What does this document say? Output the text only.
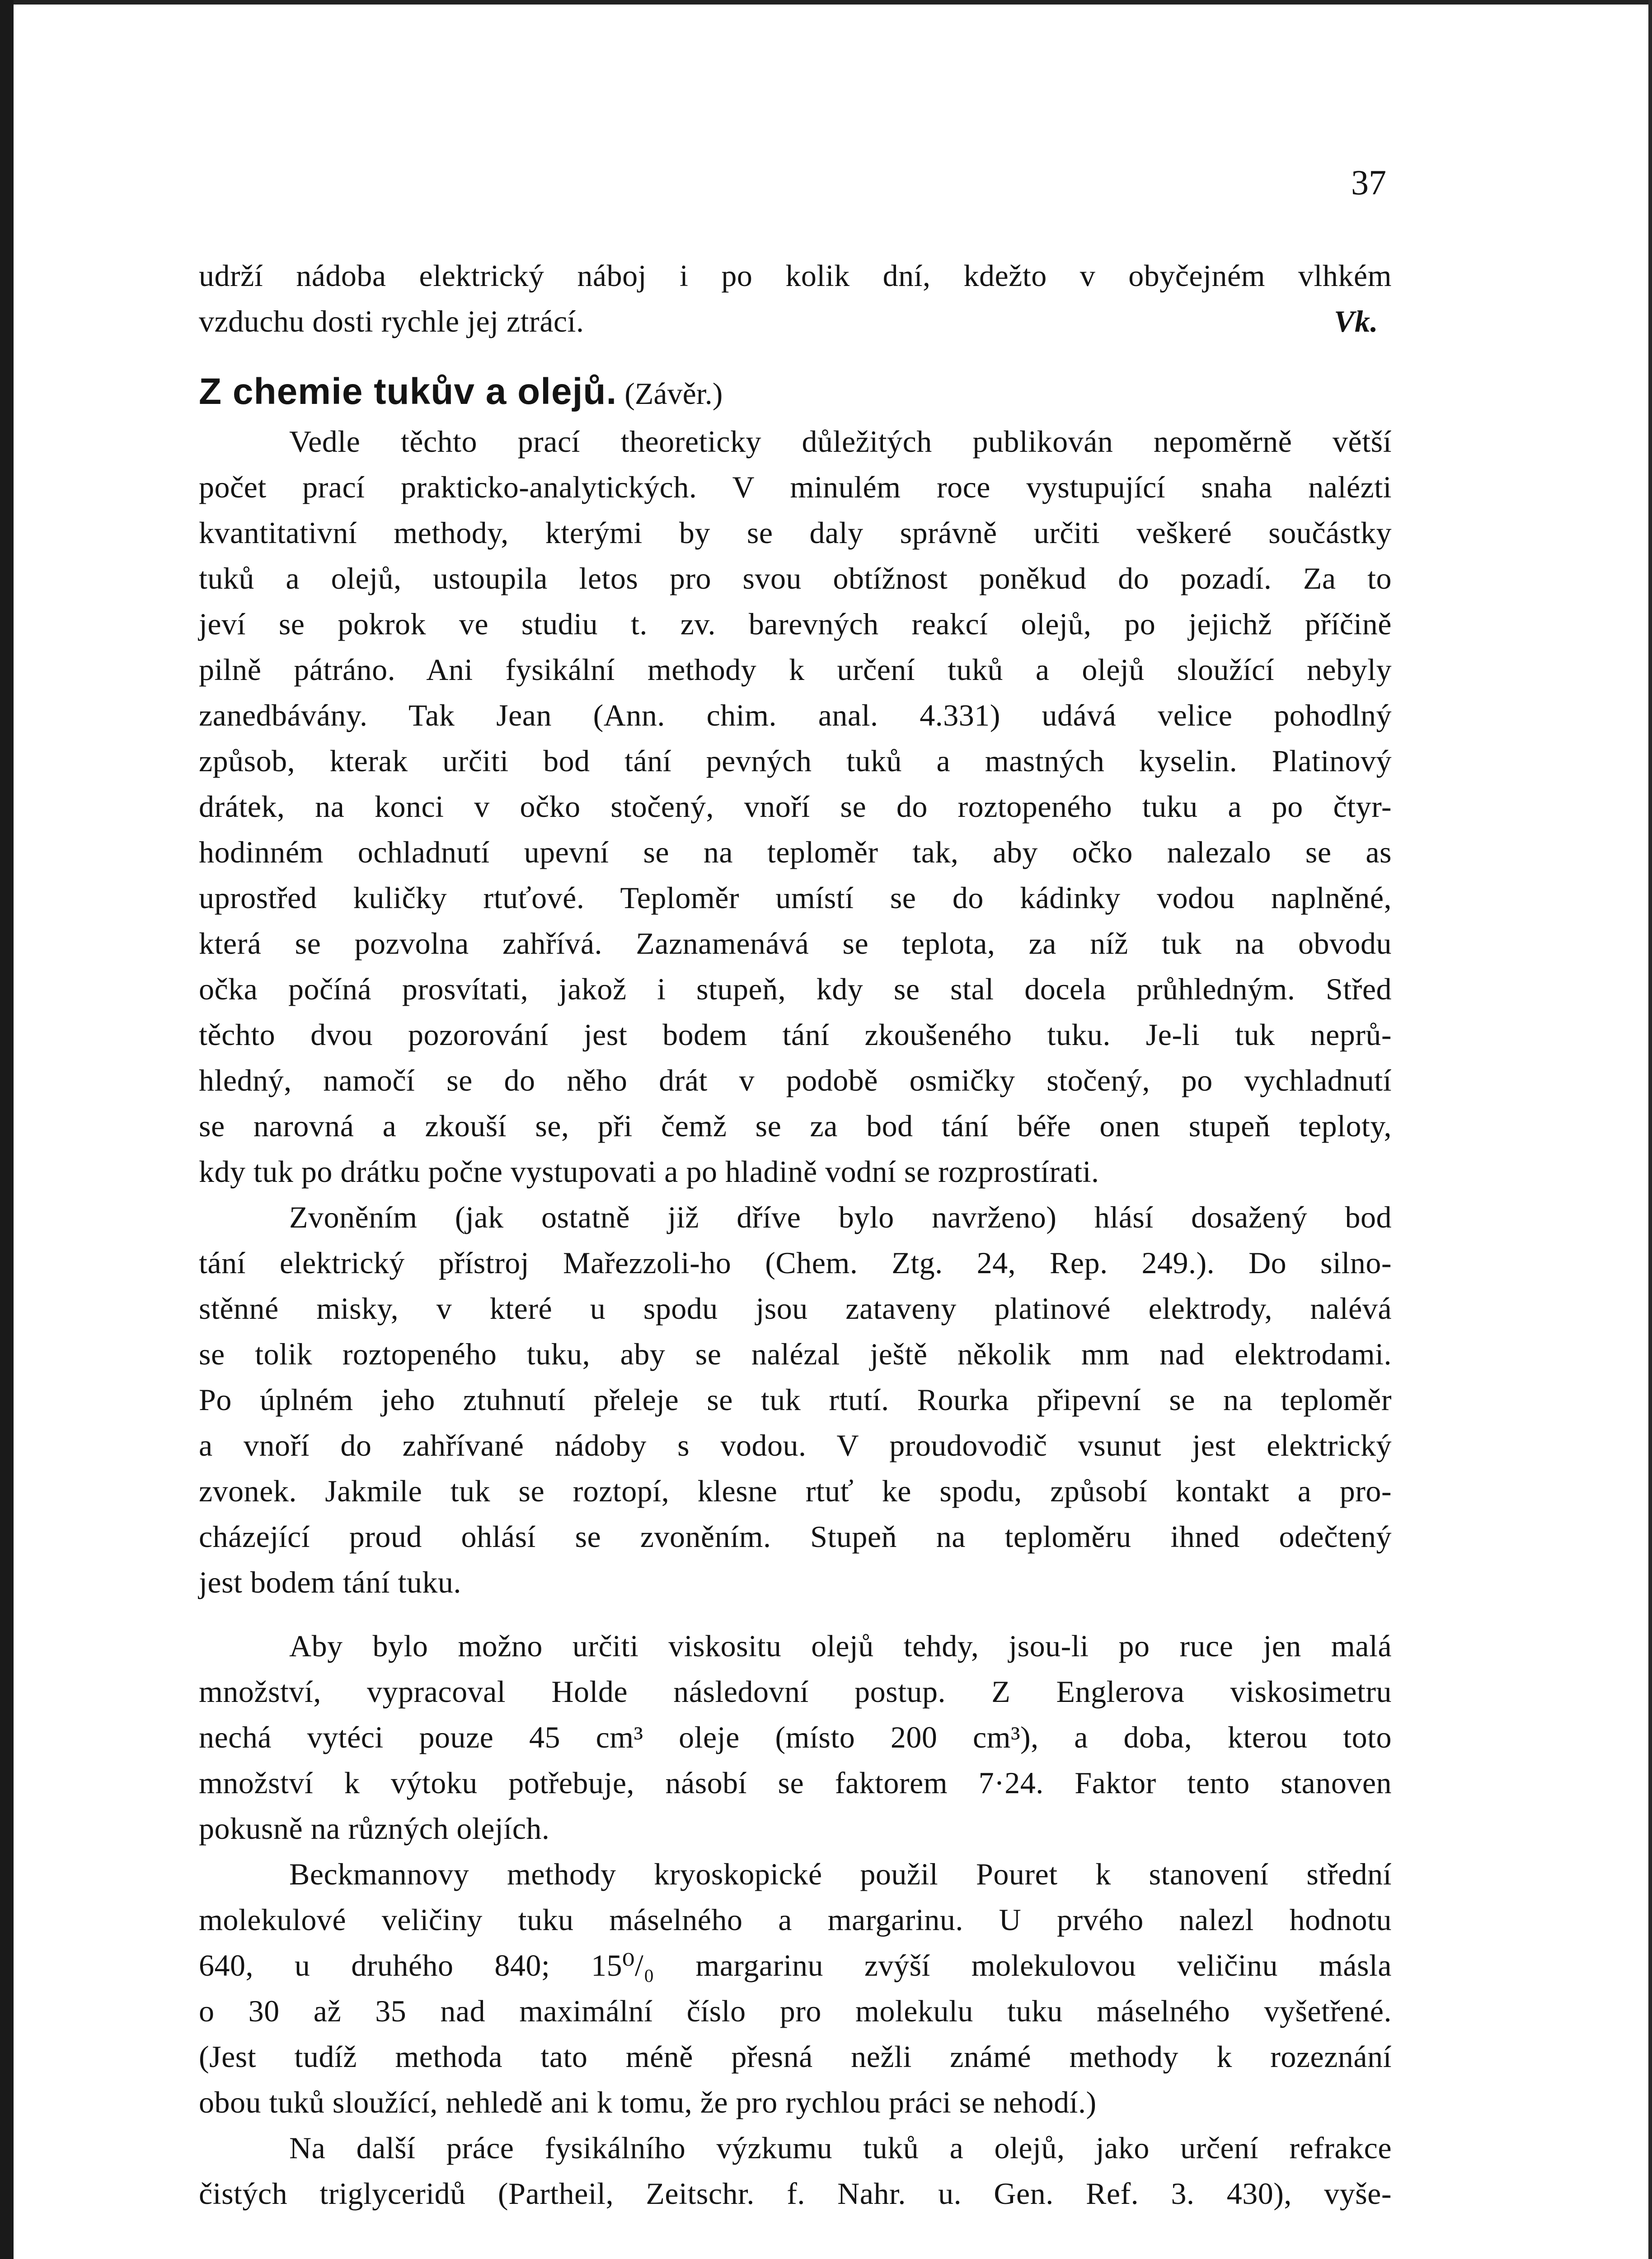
37
udrží nádoba elektrický náboj i po kolik dní, kdežto v obyčejném vlhkém
vzduchu dosti rychle jej ztrácí.	Vk.
Z chemie tukův a olejů. (Závěr.)
Vedle těchto prací theoreticky důležitých publikován nepoměrně větší
počet prací prakticko-analytických. V minulém roce vystupující snaha nalézti
kvantitativní methody, kterými by se daly správně určiti veškeré součástky
tuků a olejů, ustoupila letos pro svou obtížnost poněkud do pozadí. Za to
jeví se pokrok ve studiu t. zv. barevných reakcí olejů, po jejichž příčině
pilně pátráno. Ani fysikální methody k určení tuků a olejů sloužící nebyly
zanedbávány. Tak Jean (Ann. chim. anal. 4.331) udává velice pohodlný
způsob, kterak určiti bod tání pevných tuků a mastných kyselin. Platinový
drátek, na konci v očko stočený, vnoří se do roztopeného tuku a po čtyr-
hodinném ochladnutí upevní se na teploměr tak, aby očko nalezalo se as
uprostřed kuličky rtuťové. Teploměr umístí se do kádinky vodou naplněné,
která se pozvolna zahřívá. Zaznamenává se teplota, za níž tuk na obvodu
očka počíná prosvítati, jakož i stupeň, kdy se stal docela průhledným. Střed
těchto dvou pozorování jest bodem tání zkoušeného tuku. Je-li tuk neprů-
hledný, namočí se do něho drát v podobě osmičky stočený, po vychladnutí
se narovná a zkouší se, při čemž se za bod tání béře onen stupeň teploty,
kdy tuk po drátku počne vystupovati a po hladině vodní se rozprostírati.
Zvoněním (jak ostatně již dříve bylo navrženo) hlásí dosažený bod
tání elektrický přístroj Mařezzoli-ho (Chem. Ztg. 24, Rep. 249.). Do silno-
stěnné misky, v které u spodu jsou zataveny platinové elektrody, nalévá
se tolik roztopeného tuku, aby se nalézal ještě několik mm nad elektrodami.
Po úplném jeho ztuhnutí přeleje se tuk rtutí. Rourka připevní se na teploměr
a vnoří do zahřívané nádoby s vodou. V proudovodič vsunut jest elektrický
zvonek. Jakmile tuk se roztopí, klesne rtuť ke spodu, způsobí kontakt a pro-
cházející proud ohlásí se zvoněním. Stupeň na teploměru ihned odečtený
jest bodem tání tuku.
Aby bylo možno určiti viskositu olejů tehdy, jsou-li po ruce jen malá
množství, vypracoval Holde následovní postup. Z Englerova viskosimetru
nechá vytéci pouze 45 cm³ oleje (místo 200 cm³), a doba, kterou toto
množství k výtoku potřebuje, násobí se faktorem 7·24. Faktor tento stanoven
pokusně na různých olejích.
Beckmannovy methody kryoskopické použil Pouret k stanovení střední
molekulové veličiny tuku máselného a margarinu. U prvého nalezl hodnotu
640, u druhého 840; 15⁰/₀ margarinu zvýší molekulovou veličinu másla
o 30 až 35 nad maximální číslo pro molekulu tuku máselného vyšetřené.
(Jest tudíž methoda tato méně přesná nežli známé methody k rozeznání
obou tuků sloužící, nehledě ani k tomu, že pro rychlou práci se nehodí.)
Na další práce fysikálního výzkumu tuků a olejů, jako určení refrakce
čistých triglyceridů (Partheil, Zeitschr. f. Nahr. u. Gen. Ref. 3. 430), vyše-
